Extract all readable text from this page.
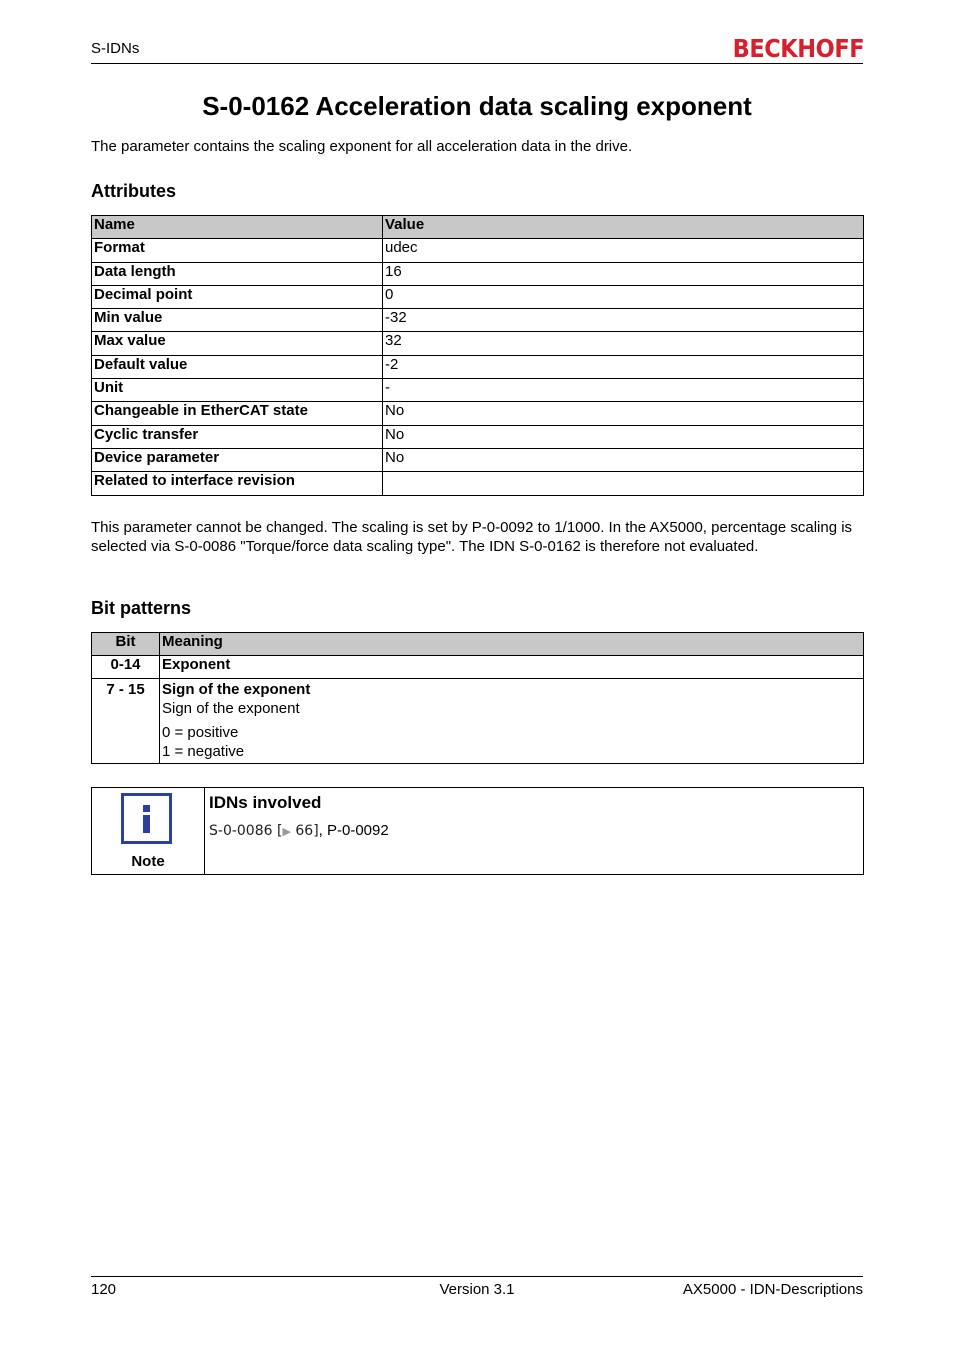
S-IDNs	BECKHOFF
S-0-0162 Acceleration data scaling exponent

The parameter contains the scaling exponent for all acceleration data in the drive.

Attributes
Name	Value
Format	udec
Data length	16
Decimal point	0
Min value	-32
Max value	32
Default value	-2
Unit	-
Changeable in EtherCAT state	No
Cyclic transfer	No
Device parameter	No
Related to interface revision	

This parameter cannot be changed. The scaling is set by P-0-0092 to 1/1000. In the AX5000, percentage scaling is selected via S-0-0086 "Torque/force data scaling type". The IDN S-0-0162 is therefore not evaluated.

Bit patterns
Bit	Meaning
0-14	Exponent
7 - 15	Sign of the exponent
Sign of the exponent
0 = positive
1 = negative
Note
IDNs involved
S-0-0086 [▶ 66], P-0-0092
120	Version 3.1	AX5000 - IDN-Descriptions
